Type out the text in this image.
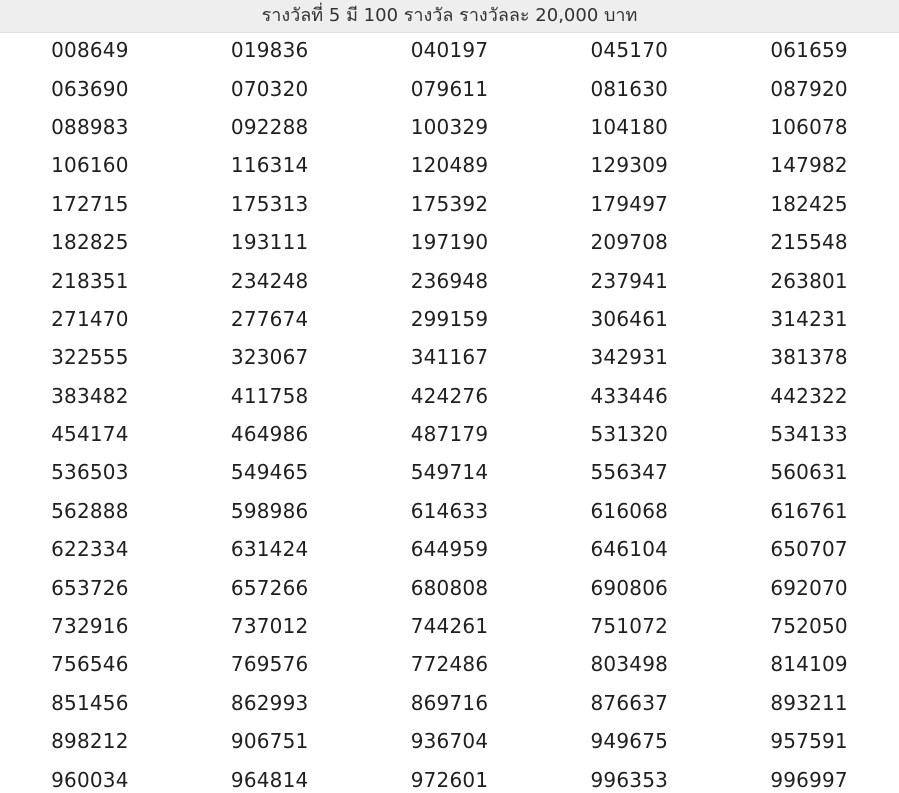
รางวัลที่ 5 มี 100 รางวัล รางวัลละ 20,000 บาท
008649	019836	040197	045170	061659
063690	070320	079611	081630	087920
088983	092288	100329	104180	106078
106160	116314	120489	129309	147982
172715	175313	175392	179497	182425
182825	193111	197190	209708	215548
218351	234248	236948	237941	263801
271470	277674	299159	306461	314231
322555	323067	341167	342931	381378
383482	411758	424276	433446	442322
454174	464986	487179	531320	534133
536503	549465	549714	556347	560631
562888	598986	614633	616068	616761
622334	631424	644959	646104	650707
653726	657266	680808	690806	692070
732916	737012	744261	751072	752050
756546	769576	772486	803498	814109
851456	862993	869716	876637	893211
898212	906751	936704	949675	957591
960034	964814	972601	996353	996997
